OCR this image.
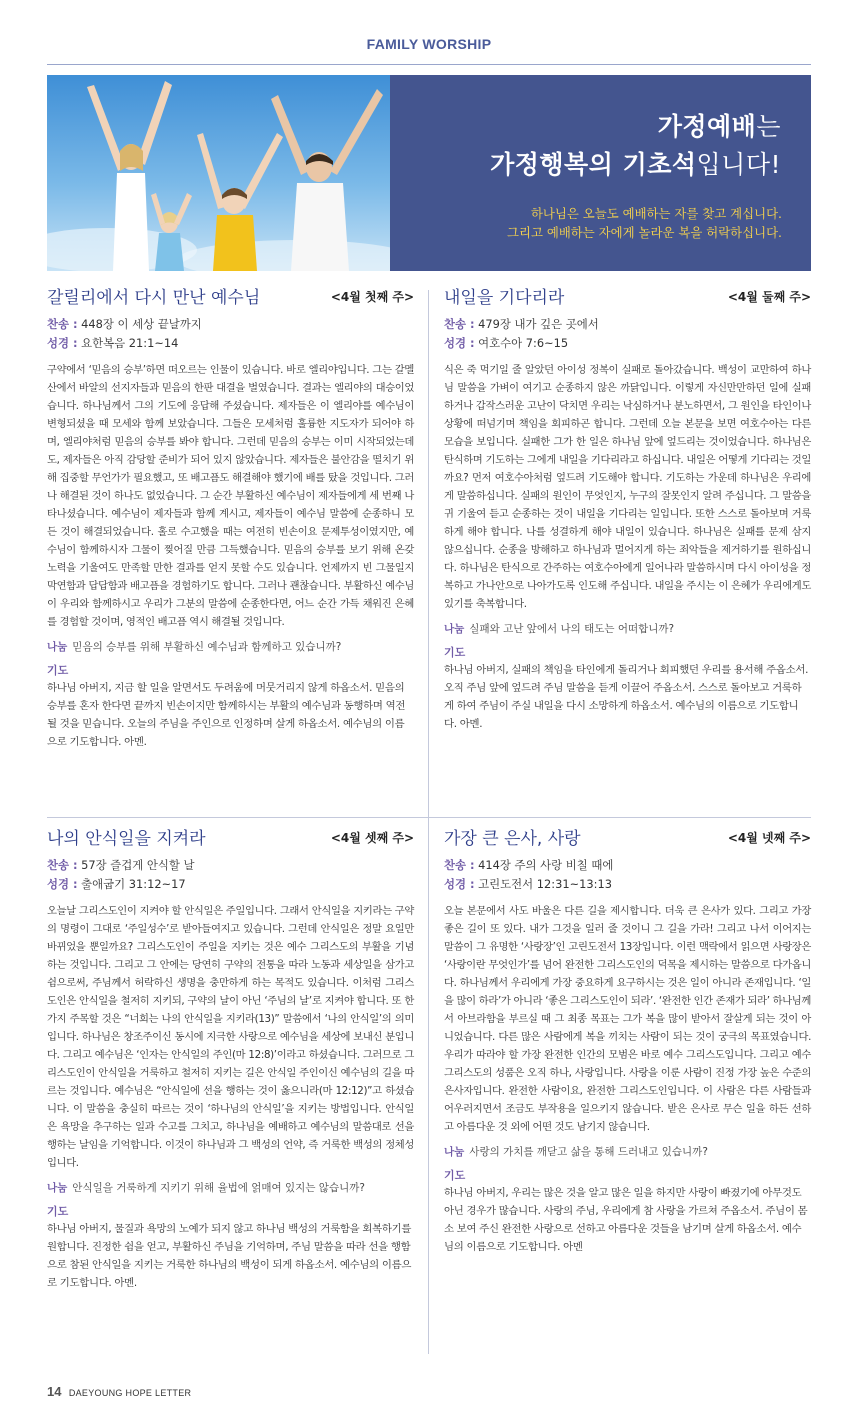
FAMILY WORSHIP
가정예배는
가정행복의 기초석입니다!
하나님은 오늘도 예배하는 자를 찾고 계십니다.
그리고 예배하는 자에게 놀라운 복을 허락하십니다.
갈릴리에서 다시 만난 예수님	<4월 첫째 주>
찬송 : 448장 이 세상 끝날까지
성경 : 요한복음 21:1~14
구약에서 ‘믿음의 승부’하면 떠오르는 인물이 있습니다. 바로 엘리야입니다. 그는 갈멜산에서 바알의 선지자들과 믿음의 한판 대결을 벌였습니다. 결과는 엘리야의 대승이었습니다. 하나님께서 그의 기도에 응답해 주셨습니다. 제자들은 이 엘리야를 예수님이 변형되셨을 때 모세와 함께 보았습니다. 그들은 모세처럼 훌륭한 지도자가 되어야 하며, 엘리야처럼 믿음의 승부를 봐야 합니다. 그런데 믿음의 승부는 이미 시작되었는데도, 제자들은 아직 감당할 준비가 되어 있지 않았습니다. 제자들은 불안감을 떨치기 위해 집중할 무언가가 필요했고, 또 배고픔도 해결해야 했기에 배를 탔을 것입니다. 그러나 해결된 것이 하나도 없었습니다. 그 순간 부활하신 예수님이 제자들에게 세 번째 나타나셨습니다. 예수님이 제자들과 함께 계시고, 제자들이 예수님 말씀에 순종하니 모든 것이 해결되었습니다. 홀로 수고했을 때는 여전히 빈손이요 문제투성이였지만, 예수님이 함께하시자 그물이 찢어질 만큼 그득했습니다. 믿음의 승부를 보기 위해 온갖 노력을 기울여도 만족할 만한 결과를 얻지 못할 수도 있습니다. 언제까지 빈 그물일지 막연함과 답답함과 배고픔을 경험하기도 합니다. 그러나 괜찮습니다. 부활하신 예수님이 우리와 함께하시고 우리가 그분의 말씀에 순종한다면, 어느 순간 가득 채워진 은혜를 경험할 것이며, 영적인 배고픔 역시 해결될 것입니다.
나눔 믿음의 승부를 위해 부활하신 예수님과 함께하고 있습니까?
기도
하나님 아버지, 지금 할 일을 알면서도 두려움에 머뭇거리지 않게 하옵소서. 믿음의 승부를 혼자 한다면 끝까지 빈손이지만 함께하시는 부활의 예수님과 동행하며 역전될 것을 믿습니다. 오늘의 주님을 주인으로 인정하며 살게 하옵소서. 예수님의 이름으로 기도합니다. 아멘.
내일을 기다리라	<4월 둘째 주>
찬송 : 479장 내가 깊은 곳에서
성경 : 여호수아 7:6~15
식은 죽 먹기일 줄 알았던 아이성 정복이 실패로 돌아갔습니다. 백성이 교만하여 하나님 말씀을 가벼이 여기고 순종하지 않은 까닭입니다. 이렇게 자신만만하던 일에 실패하거나 갑작스러운 고난이 닥치면 우리는 낙심하거나 분노하면서, 그 원인을 타인이나 상황에 떠넘기며 책임을 회피하곤 합니다. 그런데 오늘 본문을 보면 여호수아는 다른 모습을 보입니다. 실패한 그가 한 일은 하나님 앞에 엎드리는 것이었습니다. 하나님은 탄식하며 기도하는 그에게 내일을 기다리라고 하십니다. 내일은 어떻게 기다리는 것일까요? 먼저 여호수아처럼 엎드려 기도해야 합니다. 기도하는 가운데 하나님은 우리에게 말씀하십니다. 실패의 원인이 무엇인지, 누구의 잘못인지 알려 주십니다. 그 말씀을 귀 기울여 듣고 순종하는 것이 내일을 기다리는 일입니다. 또한 스스로 돌아보며 거룩하게 해야 합니다. 나를 성결하게 해야 내일이 있습니다. 하나님은 실패를 문제 삼지 않으십니다. 순종을 방해하고 하나님과 멀어지게 하는 죄악들을 제거하기를 원하십니다. 하나님은 탄식으로 간주하는 여호수아에게 일어나라 말씀하시며 다시 아이성을 정복하고 가나안으로 나아가도록 인도해 주십니다. 내일을 주시는 이 은혜가 우리에게도 있기를 축복합니다.
나눔 실패와 고난 앞에서 나의 태도는 어떠합니까?
기도
하나님 아버지, 실패의 책임을 타인에게 돌리거나 회피했던 우리를 용서해 주옵소서. 오직 주님 앞에 엎드려 주님 말씀을 듣게 이끌어 주옵소서. 스스로 돌아보고 거룩하게 하여 주님이 주실 내일을 다시 소망하게 하옵소서. 예수님의 이름으로 기도합니다. 아멘.
나의 안식일을 지켜라	<4월 셋째 주>
찬송 : 57장 즐겁게 안식할 날
성경 : 출애굽기 31:12~17
오늘날 그리스도인이 지켜야 할 안식일은 주일입니다. 그래서 안식일을 지키라는 구약의 명령이 그대로 ‘주일성수’로 받아들여지고 있습니다. 그런데 안식일은 정말 요일만 바뀌었을 뿐일까요? 그리스도인이 주일을 지키는 것은 예수 그리스도의 부활을 기념하는 것입니다. 그리고 그 안에는 당연히 구약의 전통을 따라 노동과 세상일을 삼가고 쉼으로써, 주님께서 허락하신 생명을 충만하게 하는 목적도 있습니다. 이처럼 그리스도인은 안식일을 철저히 지키되, 구약의 날이 아닌 ‘주님의 날’로 지켜야 합니다. 또 한 가지 주목할 것은 “너희는 나의 안식일을 지키라(13)” 말씀에서 ‘나의 안식일’의 의미입니다. 하나님은 창조주이신 동시에 지극한 사랑으로 예수님을 세상에 보내신 분입니다. 그리고 예수님은 ‘인자는 안식일의 주인(마 12:8)’이라고 하셨습니다. 그러므로 그리스도인이 안식일을 거룩하고 철저히 지키는 길은 안식일 주인이신 예수님의 길을 따르는 것입니다. 예수님은 “안식일에 선을 행하는 것이 옳으니라(마 12:12)”고 하셨습니다. 이 말씀을 충실히 따르는 것이 ‘하나님의 안식일’을 지키는 방법입니다. 안식일은 욕망을 추구하는 일과 수고를 그치고, 하나님을 예배하고 예수님의 말씀대로 선을 행하는 날임을 기억합니다. 이것이 하나님과 그 백성의 언약, 즉 거룩한 백성의 정체성입니다.
나눔 안식일을 거룩하게 지키기 위해 율법에 얽매여 있지는 않습니까?
기도
하나님 아버지, 물질과 욕망의 노예가 되지 않고 하나님 백성의 거룩함을 회복하기를 원합니다. 진정한 쉼을 얻고, 부활하신 주님을 기억하며, 주님 말씀을 따라 선을 행함으로 참된 안식일을 지키는 거룩한 하나님의 백성이 되게 하옵소서. 예수님의 이름으로 기도합니다. 아멘.
가장 큰 은사, 사랑	<4월 넷째 주>
찬송 : 414장 주의 사랑 비칠 때에
성경 : 고린도전서 12:31~13:13
오늘 본문에서 사도 바울은 다른 길을 제시합니다. 더욱 큰 은사가 있다. 그리고 가장 좋은 길이 또 있다. 내가 그것을 일러 줄 것이니 그 길을 가라! 그리고 나서 이어지는 말씀이 그 유명한 ‘사랑장’인 고린도전서 13장입니다. 이런 맥락에서 읽으면 사랑장은 ‘사랑이란 무엇인가’를 넘어 완전한 그리스도인의 덕목을 제시하는 말씀으로 다가옵니다. 하나님께서 우리에게 가장 중요하게 요구하시는 것은 일이 아니라 존재입니다. ‘일을 많이 하라’가 아니라 ‘좋은 그리스도인이 되라’. ‘완전한 인간 존재가 되라’ 하나님께서 아브라함을 부르실 때 그 최종 목표는 그가 복을 많이 받아서 잘살게 되는 것이 아니었습니다. 다른 많은 사람에게 복을 끼치는 사람이 되는 것이 궁극의 목표였습니다. 우리가 따라야 할 가장 완전한 인간의 모범은 바로 예수 그리스도입니다. 그리고 예수 그리스도의 성품은 오직 하나, 사랑입니다. 사랑을 이룬 사람이 진정 가장 높은 수준의 은사자입니다. 완전한 사람이요, 완전한 그리스도인입니다. 이 사람은 다른 사람들과 어우러지면서 조금도 부작용을 일으키지 않습니다. 받은 은사로 무슨 일을 하든 선하고 아름다운 것 외에 어떤 것도 남기지 않습니다.
나눔 사랑의 가치를 깨닫고 삶을 통해 드러내고 있습니까?
기도
하나님 아버지, 우리는 많은 것을 알고 많은 일을 하지만 사랑이 빠졌기에 아무것도 아닌 경우가 많습니다. 사랑의 주님, 우리에게 참 사랑을 가르쳐 주옵소서. 주님이 몸소 보여 주신 완전한 사랑으로 선하고 아름다운 것들을 남기며 살게 하옵소서. 예수님의 이름으로 기도합니다. 아멘
14 DAEYOUNG HOPE LETTER
